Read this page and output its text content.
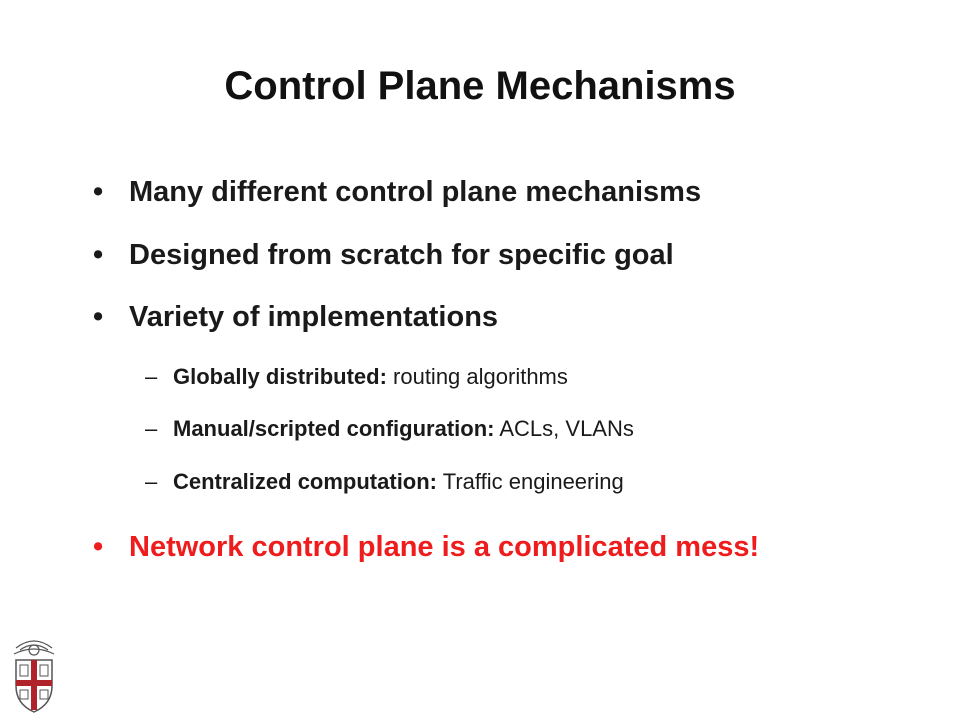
Control Plane Mechanisms
• Many different control plane mechanisms
• Designed from scratch for specific goal
• Variety of implementations
– Globally distributed: routing algorithms
– Manual/scripted configuration: ACLs, VLANs
– Centralized computation: Traffic engineering
• Network control plane is a complicated mess!
